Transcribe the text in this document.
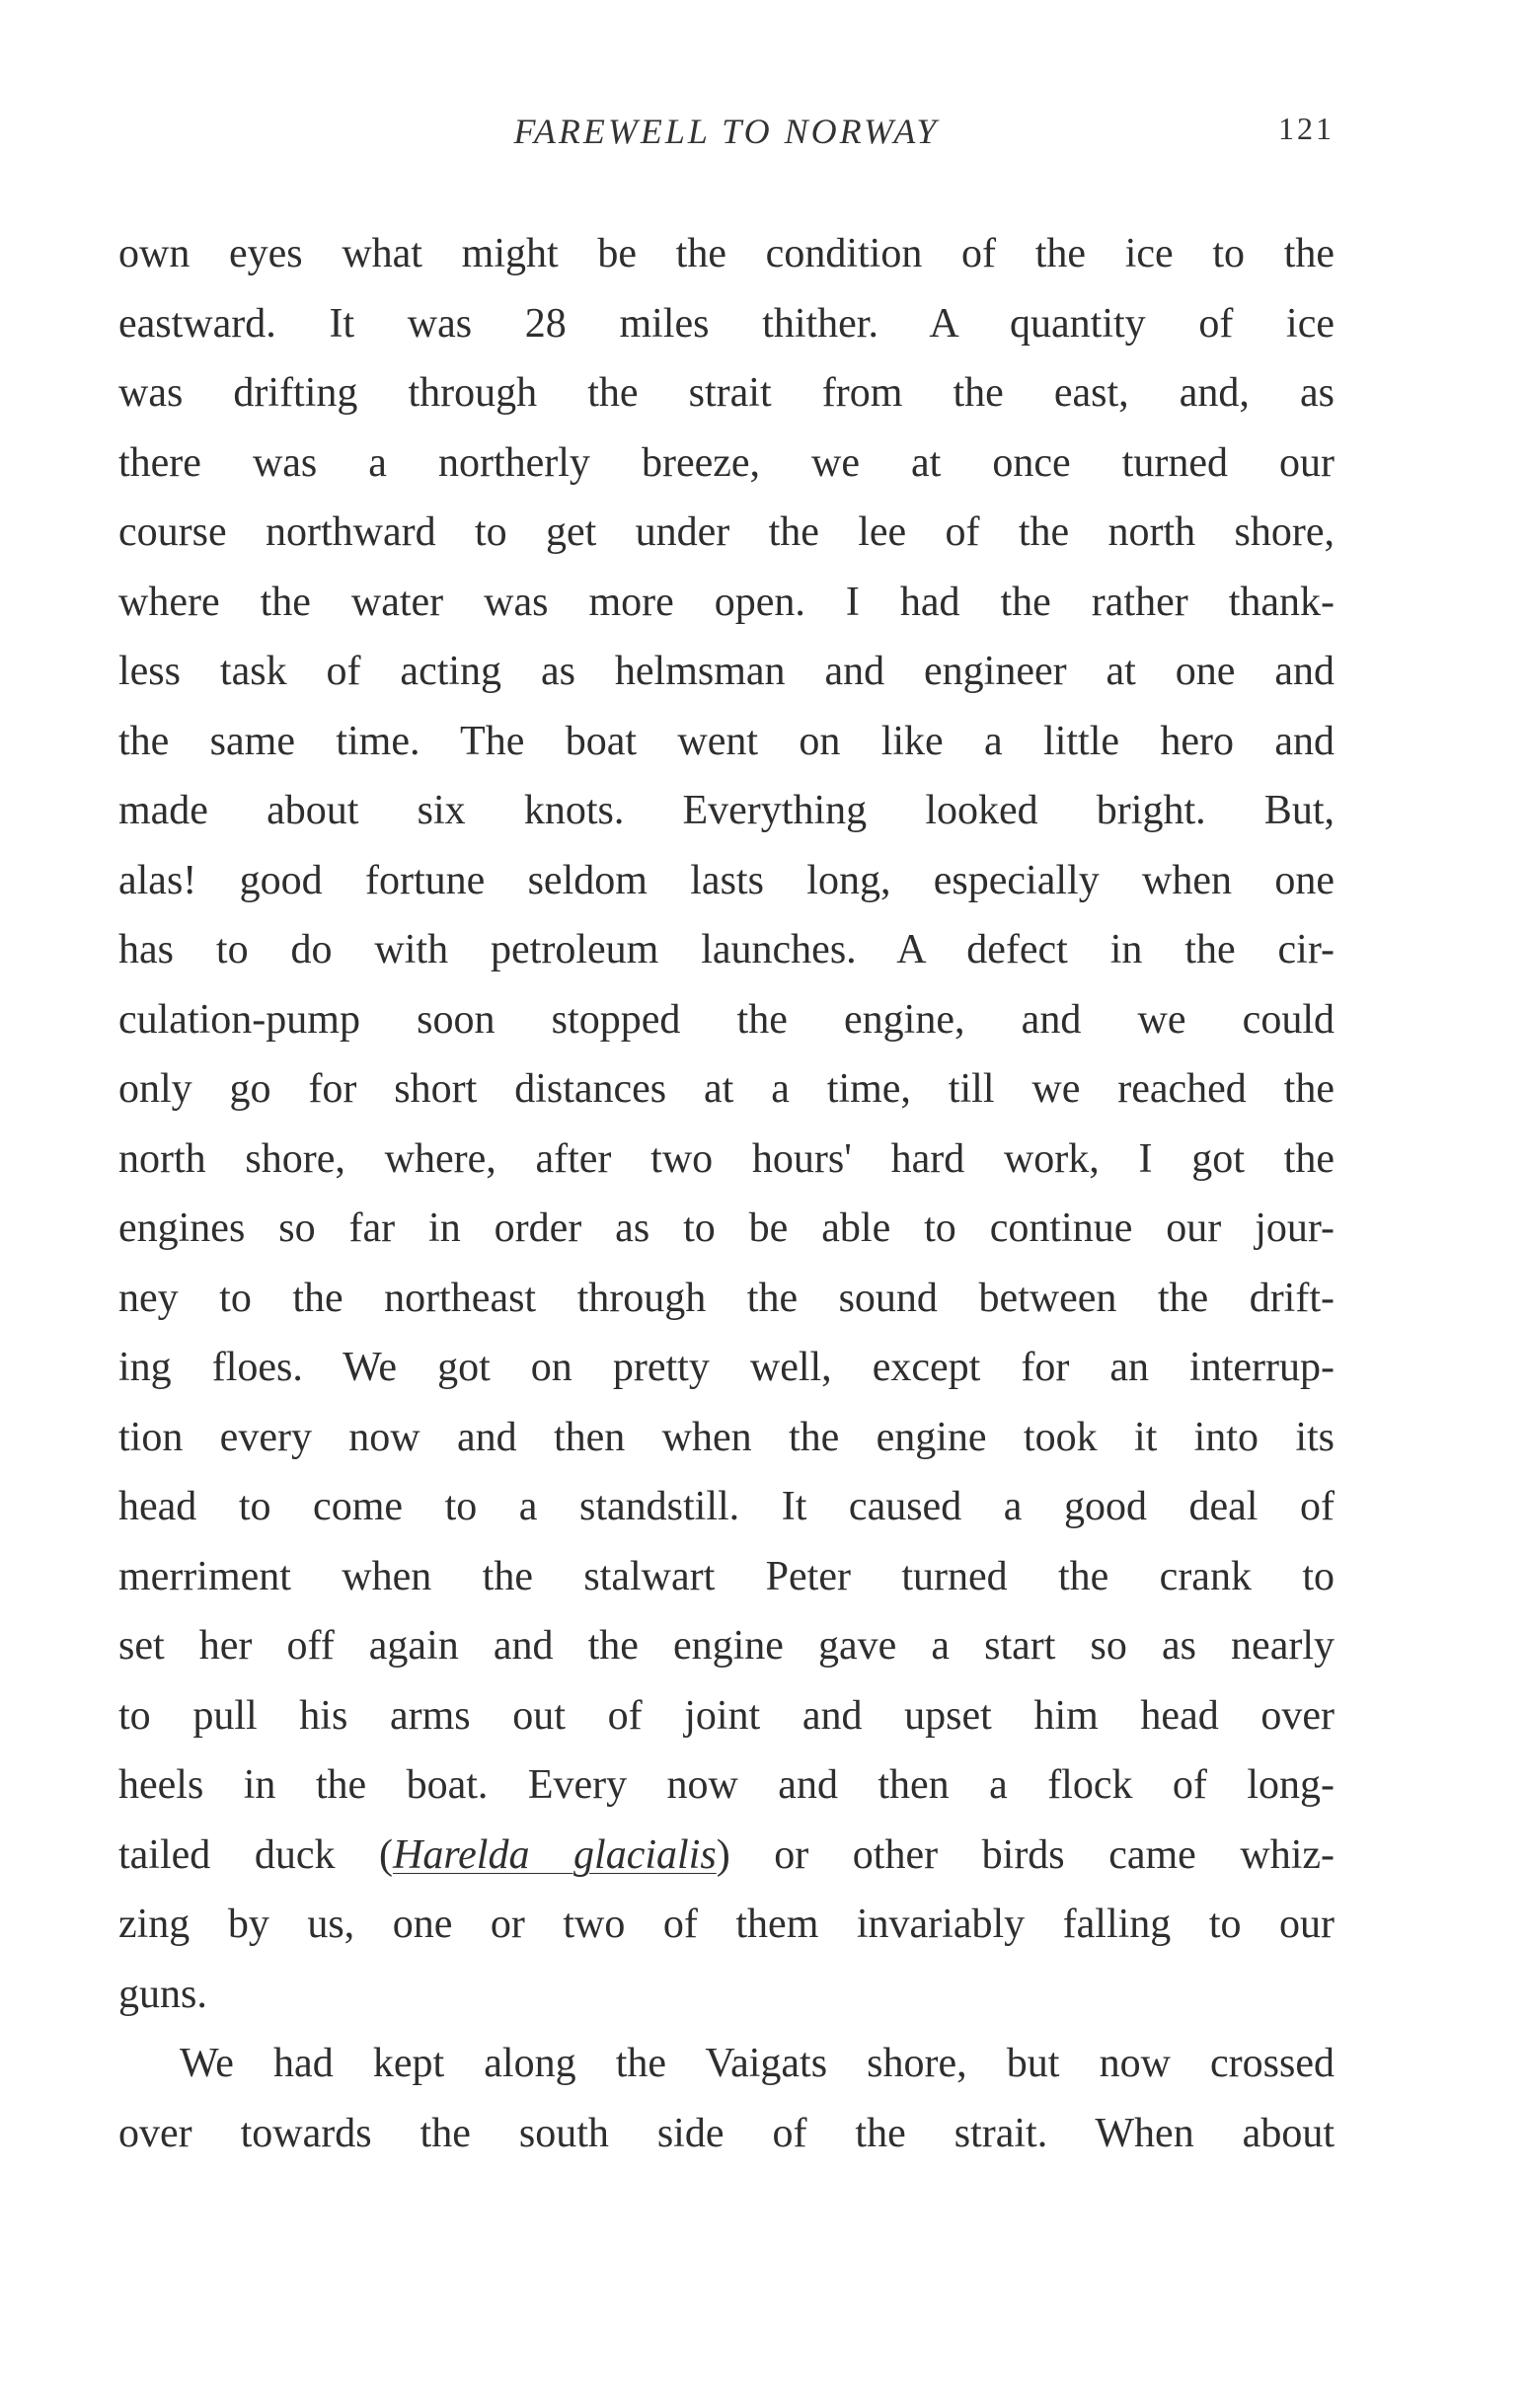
FAREWELL TO NORWAY	121
own eyes what might be the condition of the ice to the
eastward. It was 28 miles thither. A quantity of ice
was drifting through the strait from the east, and, as
there was a northerly breeze, we at once turned our
course northward to get under the lee of the north shore,
where the water was more open. I had the rather thank-
less task of acting as helmsman and engineer at one and
the same time. The boat went on like a little hero and
made about six knots. Everything looked bright. But,
alas! good fortune seldom lasts long, especially when one
has to do with petroleum launches. A defect in the cir-
culation-pump soon stopped the engine, and we could
only go for short distances at a time, till we reached the
north shore, where, after two hours' hard work, I got the
engines so far in order as to be able to continue our jour-
ney to the northeast through the sound between the drift-
ing floes. We got on pretty well, except for an interrup-
tion every now and then when the engine took it into its
head to come to a standstill. It caused a good deal of
merriment when the stalwart Peter turned the crank to
set her off again and the engine gave a start so as nearly
to pull his arms out of joint and upset him head over
heels in the boat. Every now and then a flock of long-
tailed duck (Harelda glacialis) or other birds came whiz-
zing by us, one or two of them invariably falling to our
guns.
We had kept along the Vaigats shore, but now crossed
over towards the south side of the strait. When about
